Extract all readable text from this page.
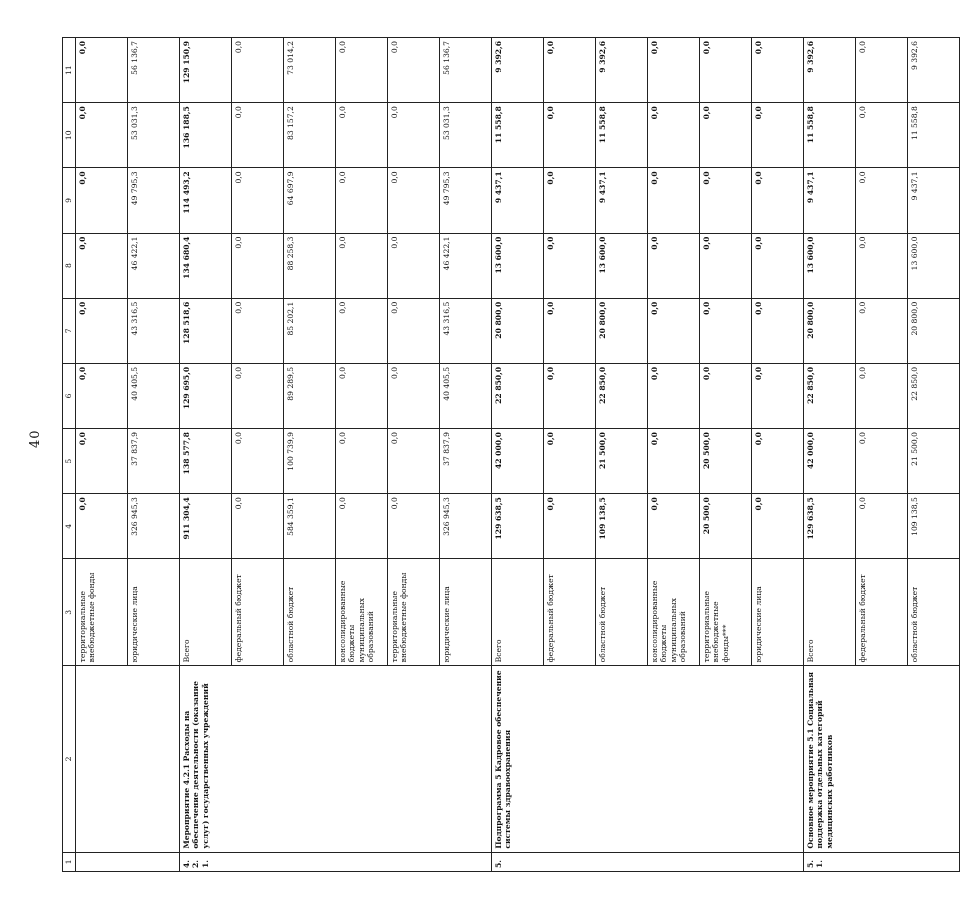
40
1	2	3	4	5	6	7	8	9	10	11
		территориальные внебюджетные фонды	0,0	0,0	0,0	0,0	0,0	0,0	0,0	0,0
		юридические лица	326 945,3	37 837,9	40 405,5	43 316,5	46 422,1	49 795,3	53 031,3	56 136,7
4.2.1.	Мероприятие 4.2.1 Расходы на обеспечение деятельности (оказание услуг) государственных учреждений	Всего	911 304,4	138 577,8	129 695,0	128 518,6	134 680,4	114 493,2	136 188,5	129 150,9
		федеральный бюджет	0,0	0,0	0,0	0,0	0,0	0,0	0,0	0,0
		областной бюджет	584 359,1	100 739,9	89 289,5	85 202,1	88 258,3	64 697,9	83 157,2	73 014,2
		консолидированные бюджеты муниципальных образований	0,0	0,0	0,0	0,0	0,0	0,0	0,0	0,0
		территориальные внебюджетные фонды	0,0	0,0	0,0	0,0	0,0	0,0	0,0	0,0
		юридические лица	326 945,3	37 837,9	40 405,5	43 316,5	46 422,1	49 795,3	53 031,3	56 136,7
5.	Подпрограмма 5 Кадровое обеспечение системы здравоохранения	Всего	129 638,5	42 000,0	22 850,0	20 800,0	13 600,0	9 437,1	11 558,8	9 392,6
		федеральный бюджет	0,0	0,0	0,0	0,0	0,0	0,0	0,0	0,0
		областной бюджет	109 138,5	21 500,0	22 850,0	20 800,0	13 600,0	9 437,1	11 558,8	9 392,6
		консолидированные бюджеты муниципальных образований	0,0	0,0	0,0	0,0	0,0	0,0	0,0	0,0
		территориальные внебюджетные фонды***	20 500,0	20 500,0	0,0	0,0	0,0	0,0	0,0	0,0
		юридические лица	0,0	0,0	0,0	0,0	0,0	0,0	0,0	0,0
5.1.	Основное мероприятие 5.1 Социальная поддержка отдельных категорий медицинских работников	Всего	129 638,5	42 000,0	22 850,0	20 800,0	13 600,0	9 437,1	11 558,8	9 392,6
		федеральный бюджет	0,0	0,0	0,0	0,0	0,0	0,0	0,0	0,0
		областной бюджет	109 138,5	21 500,0	22 850,0	20 800,0	13 600,0	9 437,1	11 558,8	9 392,6
